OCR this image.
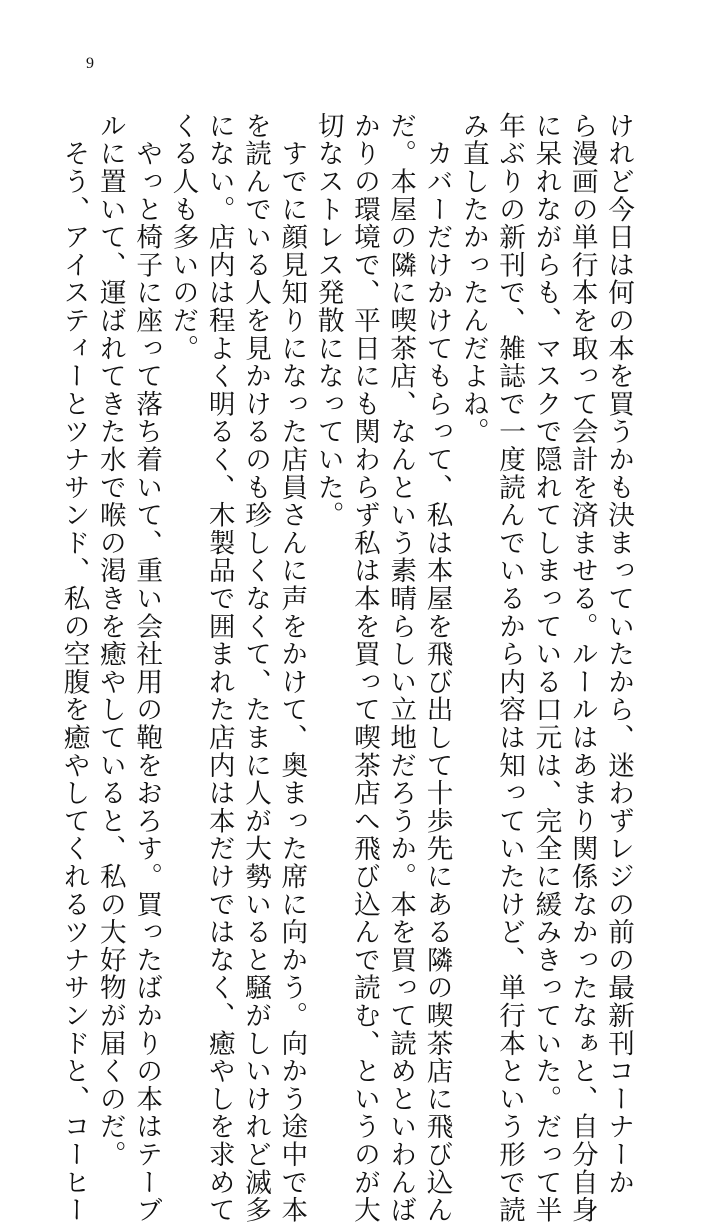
9
けれど今日は何の本を買うかも決まっていたから、迷わずレジの前の最新刊コーナーか
ら漫画の単行本を取って会計を済ませる。ルールはあまり関係なかったなぁと、自分自身
に呆れながらも、マスクで隠れてしまっている口元は、完全に緩みきっていた。だって半
年ぶりの新刊で、雑誌で一度読んでいるから内容は知っていたけど、単行本という形で読
み直したかったんだよね。
　カバーだけかけてもらって、私は本屋を飛び出して十歩先にある隣の喫茶店に飛び込ん
だ。本屋の隣に喫茶店、なんという素晴らしい立地だろうか。本を買って読めといわんば
かりの環境で、平日にも関わらず私は本を買って喫茶店へ飛び込んで読む、というのが大
切なストレス発散になっていた。
　すでに顔見知りになった店員さんに声をかけて、奥まった席に向かう。向かう途中で本
を読んでいる人を見かけるのも珍しくなくて、たまに人が大勢いると騒がしいけれど滅多
にない。店内は程よく明るく、木製品で囲まれた店内は本だけではなく、癒やしを求めて
くる人も多いのだ。
　やっと椅子に座って落ち着いて、重い会社用の鞄をおろす。買ったばかりの本はテーブ
ルに置いて、運ばれてきた水で喉の渇きを癒やしていると、私の大好物が届くのだ。
　そう、アイスティーとツナサンド、私の空腹を癒やしてくれるツナサンドと、コーヒー
